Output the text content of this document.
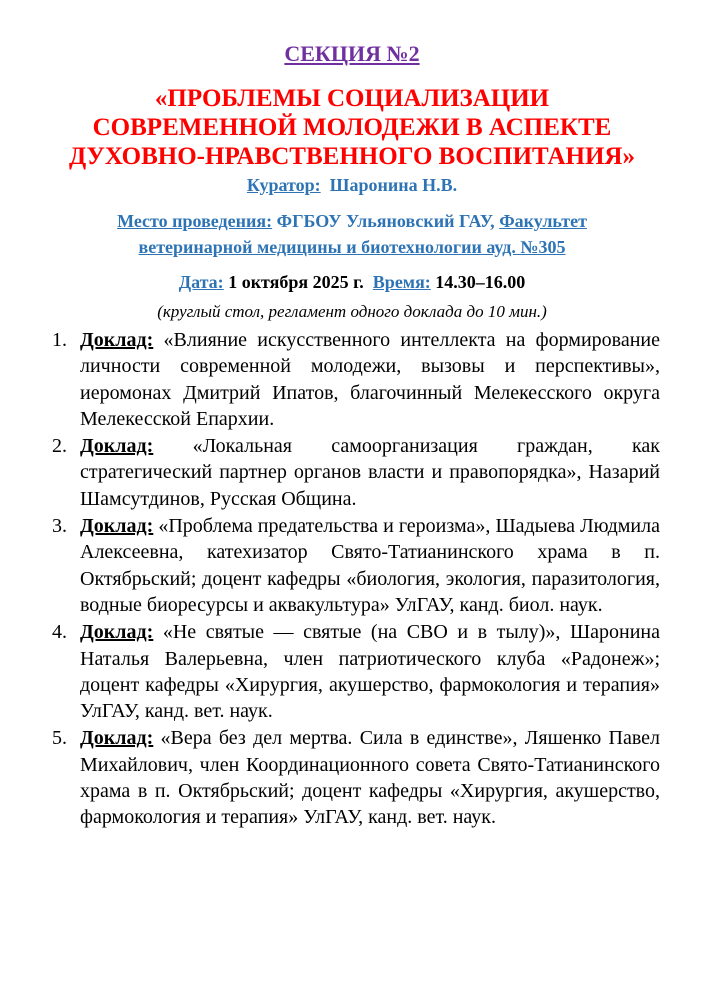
СЕКЦИЯ №2
«ПРОБЛЕМЫ СОЦИАЛИЗАЦИИ
СОВРЕМЕННОЙ МОЛОДЕЖИ В АСПЕКТЕ
ДУХОВНО-НРАВСТВЕННОГО ВОСПИТАНИЯ»
Куратор: Шаронина Н.В.
Место проведения: ФГБОУ Ульяновский ГАУ, Факультет
ветеринарной медицины и биотехнологии ауд. №305
Дата: 1 октября 2025 г. Время: 14.30–16.00
(круглый стол, регламент одного доклада до 10 мин.)
1. Доклад: «Влияние искусственного интеллекта на формирование личности современной молодежи, вызовы и перспективы», иеромонах Дмитрий Ипатов, благочинный Мелекесского округа Мелекесской Епархии.
2. Доклад: «Локальная самоорганизация граждан, как стратегический партнер органов власти и правопорядка», Назарий Шамсутдинов, Русская Община.
3. Доклад: «Проблема предательства и героизма», Шадыева Людмила Алексеевна, катехизатор Свято-Татианинского храма в п. Октябрьский; доцент кафедры «биология, экология, паразитология, водные биоресурсы и аквакультура» УлГАУ, канд. биол. наук.
4. Доклад: «Не святые — святые (на СВО и в тылу)», Шаронина Наталья Валерьевна, член патриотического клуба «Радонеж»; доцент кафедры «Хирургия, акушерство, фармокология и терапия» УлГАУ, канд. вет. наук.
5. Доклад: «Вера без дел мертва. Сила в единстве», Ляшенко Павел Михайлович, член Координационного совета Свято-Татианинского храма в п. Октябрьский; доцент кафедры «Хирургия, акушерство, фармокология и терапия» УлГАУ, канд. вет. наук.
